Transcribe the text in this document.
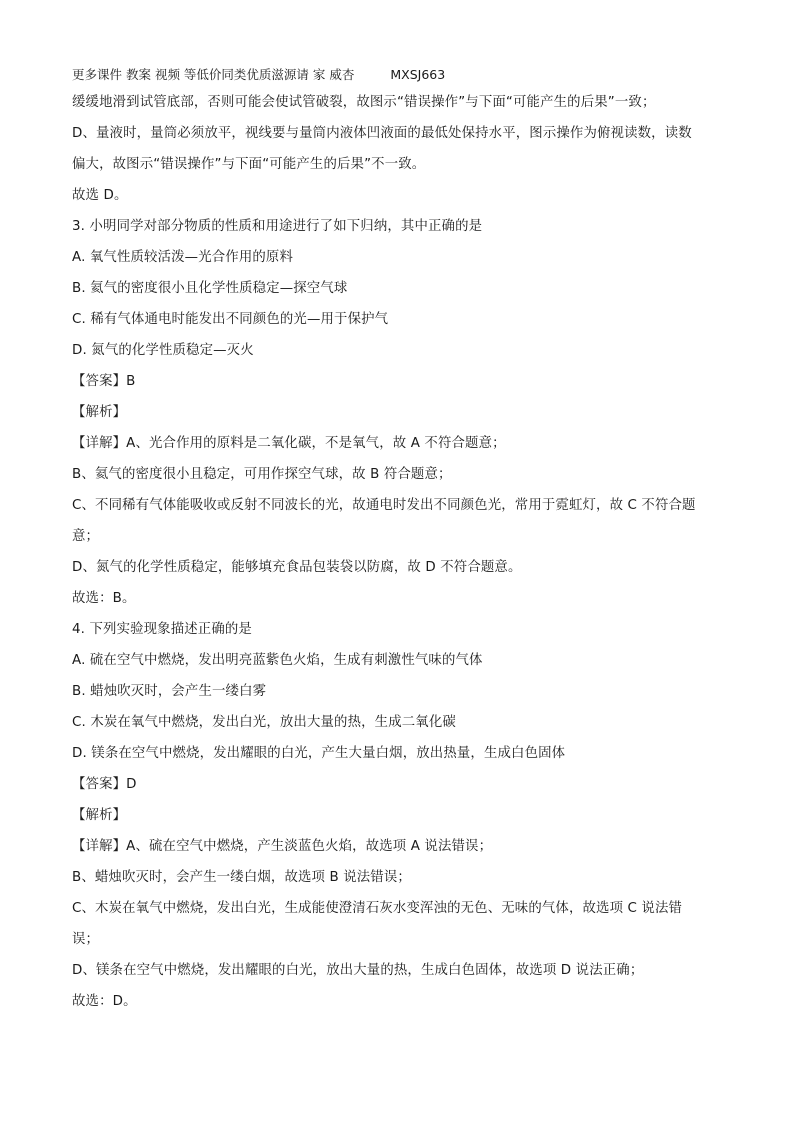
更多课件 教案 视频 等低价同类优质滋源请 家 威杏	MXSJ663
缓缓地滑到试管底部，否则可能会使试管破裂，故图示“错误操作”与下面“可能产生的后果”一致；
D、量液时，量筒必须放平，视线要与量筒内液体凹液面的最低处保持水平，图示操作为俯视读数，读数
偏大，故图示“错误操作”与下面“可能产生的后果”不一致。
故选 D。
3. 小明同学对部分物质的性质和用途进行了如下归纳，其中正确的是
A. 氧气性质较活泼—光合作用的原料
B. 氦气的密度很小且化学性质稳定—探空气球
C. 稀有气体通电时能发出不同颜色的光—用于保护气
D. 氮气的化学性质稳定—灭火
【答案】B
【解析】
【详解】A、光合作用的原料是二氧化碳，不是氧气，故 A 不符合题意；
B、氦气的密度很小且稳定，可用作探空气球，故 B 符合题意；
C、不同稀有气体能吸收或反射不同波长的光，故通电时发出不同颜色光，常用于霓虹灯，故 C 不符合题
意；
D、氮气的化学性质稳定，能够填充食品包装袋以防腐，故 D 不符合题意。
故选：B。
4. 下列实验现象描述正确的是
A. 硫在空气中燃烧，发出明亮蓝紫色火焰，生成有刺激性气味的气体
B. 蜡烛吹灭时，会产生一缕白雾
C. 木炭在氧气中燃烧，发出白光，放出大量的热，生成二氧化碳
D. 镁条在空气中燃烧，发出耀眼的白光，产生大量白烟，放出热量，生成白色固体
【答案】D
【解析】
【详解】A、硫在空气中燃烧，产生淡蓝色火焰，故选项 A 说法错误；
B、蜡烛吹灭时，会产生一缕白烟，故选项 B 说法错误；
C、木炭在氧气中燃烧，发出白光，生成能使澄清石灰水变浑浊的无色、无味的气体，故选项 C 说法错
误；
D、镁条在空气中燃烧，发出耀眼的白光，放出大量的热，生成白色固体，故选项 D 说法正确；
故选：D。
